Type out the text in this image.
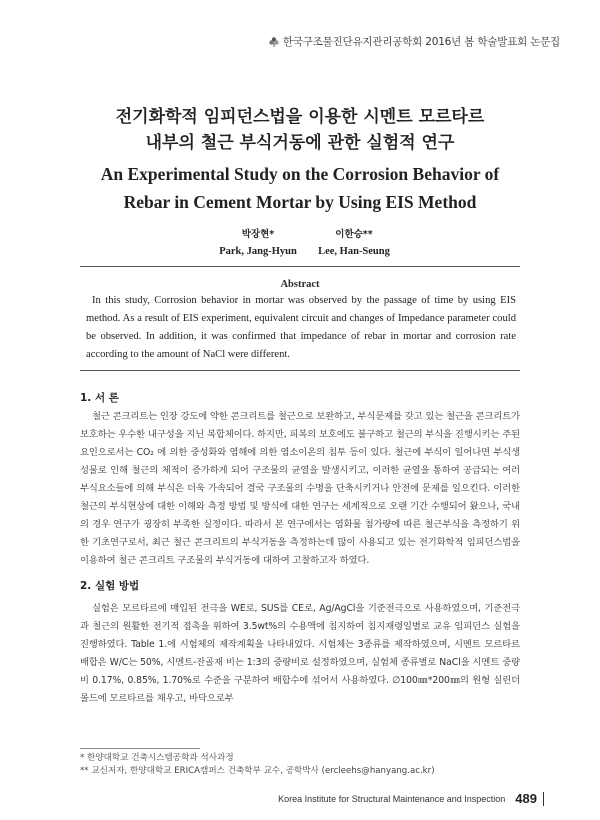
한국구조물진단유지관리공학회 2016년 봄 학술발표회 논문집
전기화학적 임피던스법을 이용한 시멘트 모르타르
내부의 철근 부식거동에 관한 실험적 연구
An Experimental Study on the Corrosion Behavior of
Rebar in Cement Mortar by Using EIS Method
박장현*
Park, Jang-Hyun
이한승**
Lee, Han-Seung
Abstract
In this study, Corrosion behavior in mortar was observed by the passage of time by using EIS method. As a result of EIS experiment, equivalent circuit and changes of Impedance parameter could be observed. In addition, it was confirmed that impedance of rebar in mortar and corrosion rate according to the amount of NaCl were different.
1. 서 론
철근 콘크리트는 인장 강도에 약한 콘크리트를 철근으로 보완하고, 부식문제를 갖고 있는 철근을 콘크리트가 보호하는 우수한 내구성을 지닌 복합체이다. 하지만, 피복의 보호에도 불구하고 철근의 부식을 진행시키는 주된 요인으로서는 CO₂ 에 의한 중성화와 염해에 의한 염소이온의 침투 등이 있다. 철근에 부식이 일어나면 부식생성물로 인해 철근의 체적이 증가하게 되어 구조물의 균열을 발생시키고, 이러한 균열을 통하여 공급되는 여러 부식요소들에 의해 부식은 더욱 가속되어 결국 구조물의 수명을 단축시키거나 안전에 문제를 일으킨다. 이러한 철근의 부식현상에 대한 이해와 측정 방법 및 방식에 대한 연구는 세계적으로 오랜 기간 수행되어 왔으나, 국내의 경우 연구가 굉장히 부족한 실정이다. 따라서 본 연구에서는 염화물 첨가량에 따른 철근부식을 측정하기 위한 기초연구로서, 최근 철근 콘크리트의 부식거동을 측정하는데 많이 사용되고 있는 전기화학적 임피던스법을 이용하여 철근 콘크리트 구조물의 부식거동에 대하여 고찰하고자 하였다.
2. 실험 방법
실험은 모르타르에 매입된 전극을 WE로, SUS를 CE로, Ag/AgCl을 기준전극으로 사용하였으며, 기준전극과 철근의 원활한 전기적 접촉을 위하여 3.5wt%의 수용액에 침지하여 침지재령일별로 교유 임피던스 실험을 진행하였다. Table 1.에 시험체의 제작계획을 나타내었다. 시험체는 3종류를 제작하였으며, 시멘트 모르타르 배합은 W/C는 50%, 시멘트-잔골재 비는 1:3의 중량비로 설정하였으며, 실험체 종류별로 NaCl을 시멘트 중량비 0.17%, 0.85%, 1.70%로 수준을 구분하여 배합수에 섞어서 사용하였다. ∅100㎜*200㎜의 원형 실린더 몰드에 모르타르를 채우고, 바닥으로부
* 한양대학교 건축시스템공학과 석사과정
** 교신저자, 한양대학교 ERICA캠퍼스 건축학부 교수, 공학박사 (ercleehs@hanyang.ac.kr)
Korea Institute for Structural Maintenance and Inspection 489
